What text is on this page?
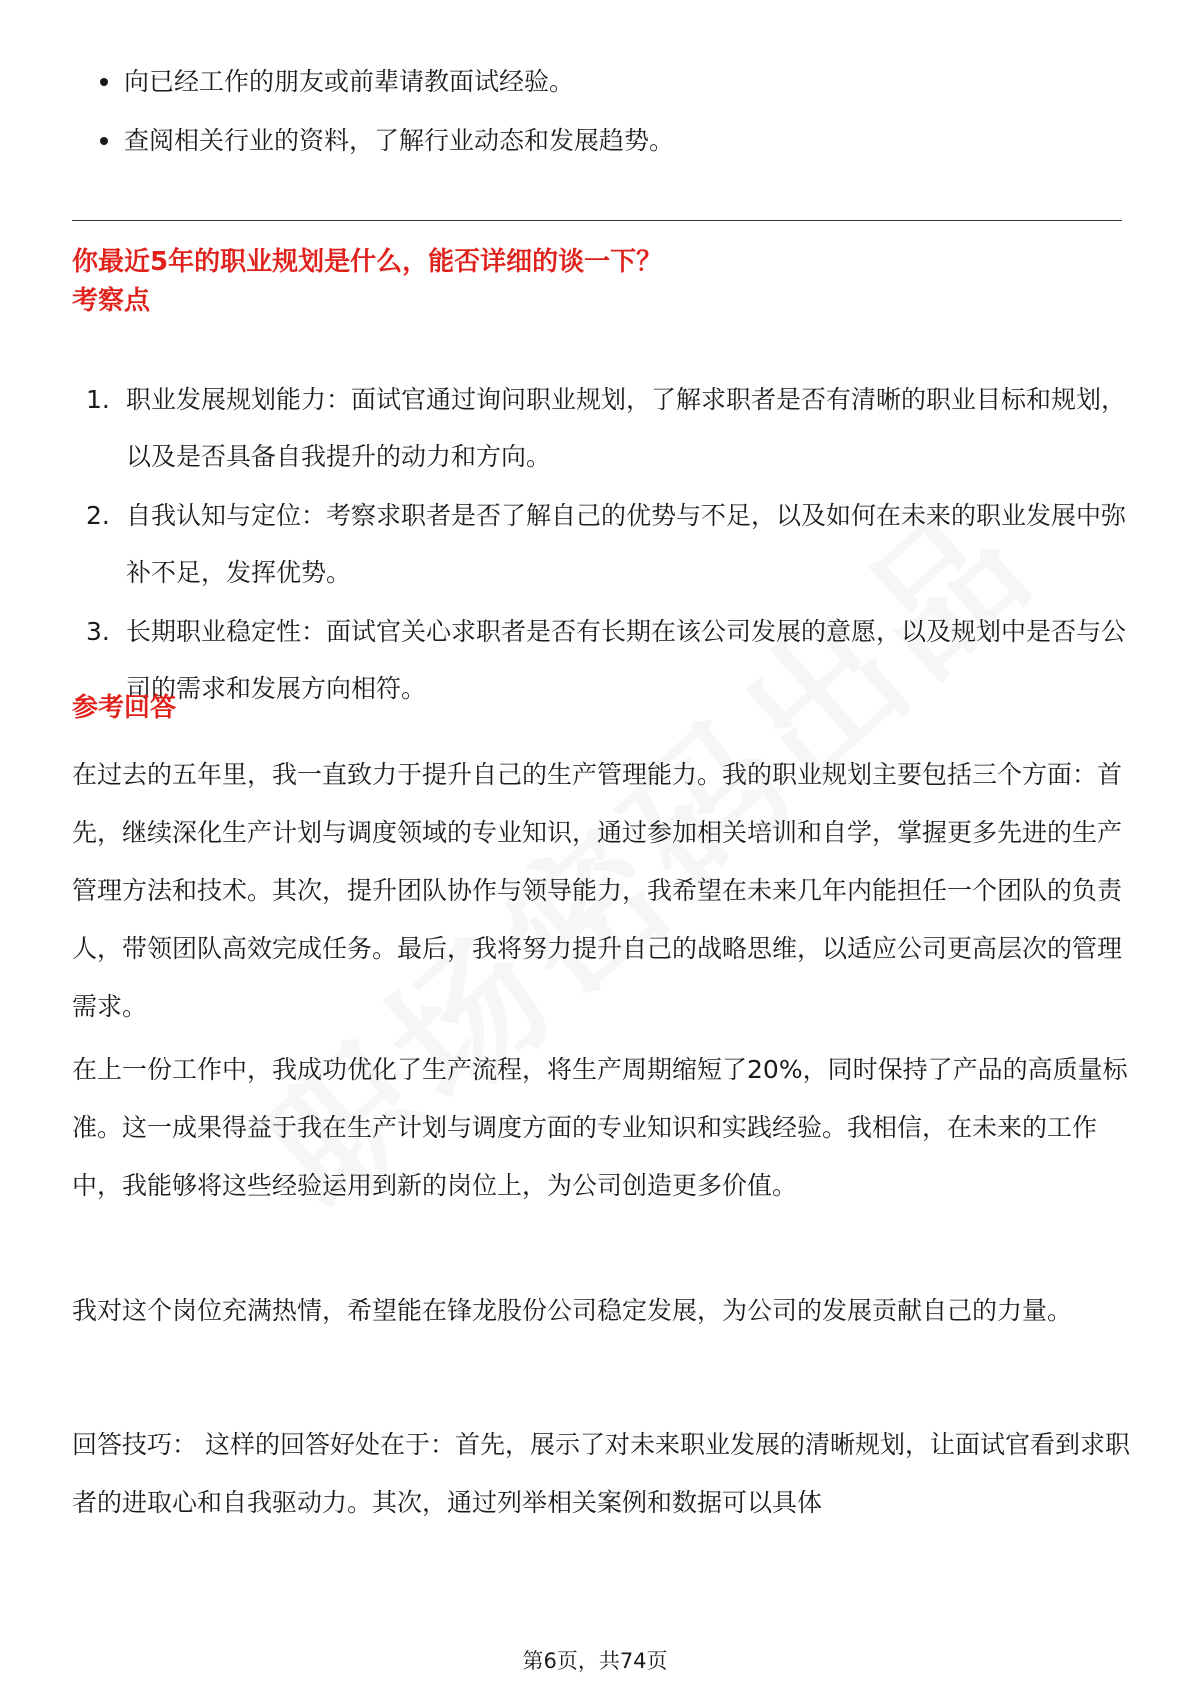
向已经工作的朋友或前辈请教面试经验。
查阅相关行业的资料，了解行业动态和发展趋势。
你最近5年的职业规划是什么，能否详细的谈一下？
考察点
1. 职业发展规划能力：面试官通过询问职业规划，了解求职者是否有清晰的职业目标和规划，以及是否具备自我提升的动力和方向。
2. 自我认知与定位：考察求职者是否了解自己的优势与不足，以及如何在未来的职业发展中弥补不足，发挥优势。
3. 长期职业稳定性：面试官关心求职者是否有长期在该公司发展的意愿，以及规划中是否与公司的需求和发展方向相符。
参考回答

在过去的五年里，我一直致力于提升自己的生产管理能力。我的职业规划主要包括三个方面：首先，继续深化生产计划与调度领域的专业知识，通过参加相关培训和自学，掌握更多先进的生产管理方法和技术。其次，提升团队协作与领导能力，我希望在未来几年内能担任一个团队的负责人，带领团队高效完成任务。最后，我将努力提升自己的战略思维，以适应公司更高层次的管理需求。

在上一份工作中，我成功优化了生产流程，将生产周期缩短了20%，同时保持了产品的高质量标准。这一成果得益于我在生产计划与调度方面的专业知识和实践经验。我相信，在未来的工作中，我能够将这些经验运用到新的岗位上，为公司创造更多价值。

我对这个岗位充满热情，希望能在锋龙股份公司稳定发展，为公司的发展贡献自己的力量。

回答技巧： 这样的回答好处在于：首先，展示了对未来职业发展的清晰规划，让面试官看到求职者的进取心和自我驱动力。其次，通过列举相关案例和数据可以具体

第6页，共74页
